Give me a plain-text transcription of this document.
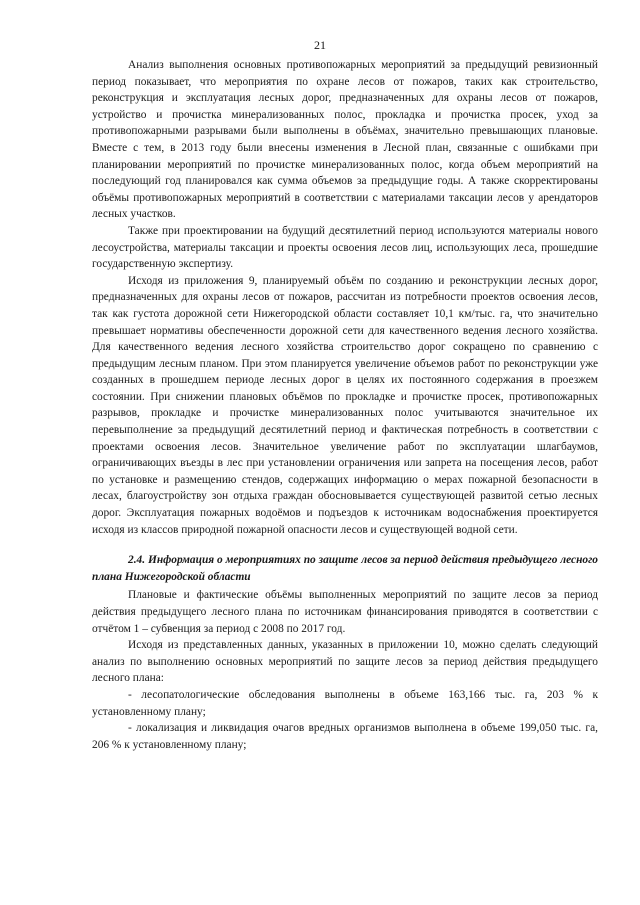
21

Анализ выполнения основных противопожарных мероприятий за предыдущий ревизионный период показывает, что мероприятия по охране лесов от пожаров, таких как строительство, реконструкция и эксплуатация лесных дорог, предназначенных для охраны лесов от пожаров, устройство и прочистка минерализованных полос, прокладка и прочистка просек, уход за противопожарными разрывами были выполнены в объёмах, значительно превышающих плановые. Вместе с тем, в 2013 году были внесены изменения в Лесной план, связанные с ошибками при планировании мероприятий по прочистке минерализованных полос, когда объем мероприятий на последующий год планировался как сумма объемов за предыдущие годы. А также скорректированы объёмы противопожарных мероприятий в соответствии с материалами таксации лесов у арендаторов лесных участков.

Также при проектировании на будущий десятилетний период используются материалы нового лесоустройства, материалы таксации и проекты освоения лесов лиц, использующих леса, прошедшие государственную экспертизу.

Исходя из приложения 9, планируемый объём по созданию и реконструкции лесных дорог, предназначенных для охраны лесов от пожаров, рассчитан из потребности проектов освоения лесов, так как густота дорожной сети Нижегородской области составляет 10,1 км/тыс. га, что значительно превышает нормативы обеспеченности дорожной сети для качественного ведения лесного хозяйства. Для качественного ведения лесного хозяйства строительство дорог сокращено по сравнению с предыдущим лесным планом. При этом планируется увеличение объемов работ по реконструкции уже созданных в прошедшем периоде лесных дорог в целях их постоянного содержания в проезжем состоянии. При снижении плановых объёмов по прокладке и прочистке просек, противопожарных разрывов, прокладке и прочистке минерализованных полос учитываются значительное их перевыполнение за предыдущий десятилетний период и фактическая потребность в соответствии с проектами освоения лесов. Значительное увеличение работ по эксплуатации шлагбаумов, ограничивающих въезды в лес при установлении ограничения или запрета на посещения лесов, работ по установке и размещению стендов, содержащих информацию о мерах пожарной безопасности в лесах, благоустройству зон отдыха граждан обосновывается существующей развитой сетью лесных дорог. Эксплуатация пожарных водоёмов и подъездов к источникам водоснабжения проектируется исходя из классов природной пожарной опасности лесов и существующей водной сети.

2.4. Информация о мероприятиях по защите лесов за период действия предыдущего лесного плана Нижегородской области

Плановые и фактические объёмы выполненных мероприятий по защите лесов за период действия предыдущего лесного плана по источникам финансирования приводятся в соответствии с отчётом 1 – субвенция за период с 2008 по 2017 год.

Исходя из представленных данных, указанных в приложении 10, можно сделать следующий анализ по выполнению основных мероприятий по защите лесов за период действия предыдущего лесного плана:

- лесопатологические обследования выполнены в объеме 163,166 тыс. га, 203 % к установленному плану;

- локализация и ликвидация очагов вредных организмов выполнена в объеме 199,050 тыс. га, 206 % к установленному плану;
